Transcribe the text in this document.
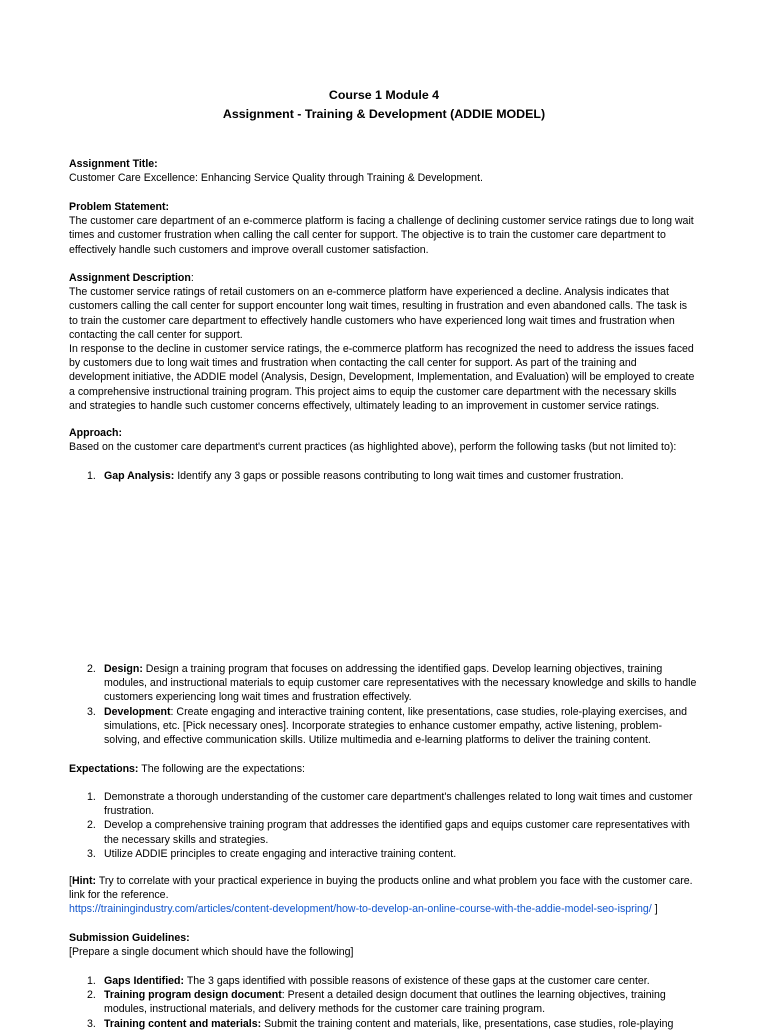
Course 1 Module 4
Assignment - Training & Development (ADDIE MODEL)

Assignment Title:

Customer Care Excellence: Enhancing Service Quality through Training & Development.

Problem Statement:

The customer care department of an e-commerce platform is facing a challenge of declining customer service ratings due to long wait times and customer frustration when calling the call center for support. The objective is to train the customer care department to effectively handle such customers and improve overall customer satisfaction.

Assignment Description:

The customer service ratings of retail customers on an e-commerce platform have experienced a decline. Analysis indicates that customers calling the call center for support encounter long wait times, resulting in frustration and even abandoned calls. The task is to train the customer care department to effectively handle customers who have experienced long wait times and frustration when contacting the call center for support.

In response to the decline in customer service ratings, the e-commerce platform has recognized the need to address the issues faced by customers due to long wait times and frustration when contacting the call center for support. As part of the training and development initiative, the ADDIE model (Analysis, Design, Development, Implementation, and Evaluation) will be employed to create a comprehensive instructional training program. This project aims to equip the customer care department with the necessary skills and strategies to handle such customer concerns effectively, ultimately leading to an improvement in customer service ratings.

Approach:

Based on the customer care department's current practices (as highlighted above), perform the following tasks (but not limited to):

1. Gap Analysis: Identify any 3 gaps or possible reasons contributing to long wait times and customer frustration.
2. Design: Design a training program that focuses on addressing the identified gaps. Develop learning objectives, training modules, and instructional materials to equip customer care representatives with the necessary knowledge and skills to handle customers experiencing long wait times and frustration effectively.
3. Development: Create engaging and interactive training content, like presentations, case studies, role-playing exercises, and simulations, etc. [Pick necessary ones]. Incorporate strategies to enhance customer empathy, active listening, problem-solving, and effective communication skills. Utilize multimedia and e-learning platforms to deliver the training content.

Expectations: The following are the expectations:

1. Demonstrate a thorough understanding of the customer care department's challenges related to long wait times and customer frustration.
2. Develop a comprehensive training program that addresses the identified gaps and equips customer care representatives with the necessary skills and strategies.
3. Utilize ADDIE principles to create engaging and interactive training content.

[Hint: Try to correlate with your practical experience in buying the products online and what problem you face with the customer care. link for the reference.

https://trainingindustry.com/articles/content-development/how-to-develop-an-online-course-with-the-addie-model-seo-ispring/ ]

Submission Guidelines:

[Prepare a single document which should have the following]

1. Gaps Identified: The 3 gaps identified with possible reasons of existence of these gaps at the customer care center.
2. Training program design document: Present a detailed design document that outlines the learning objectives, training modules, instructional materials, and delivery methods for the customer care training program.
3. Training content and materials: Submit the training content and materials, like, presentations, case studies, role-playing
